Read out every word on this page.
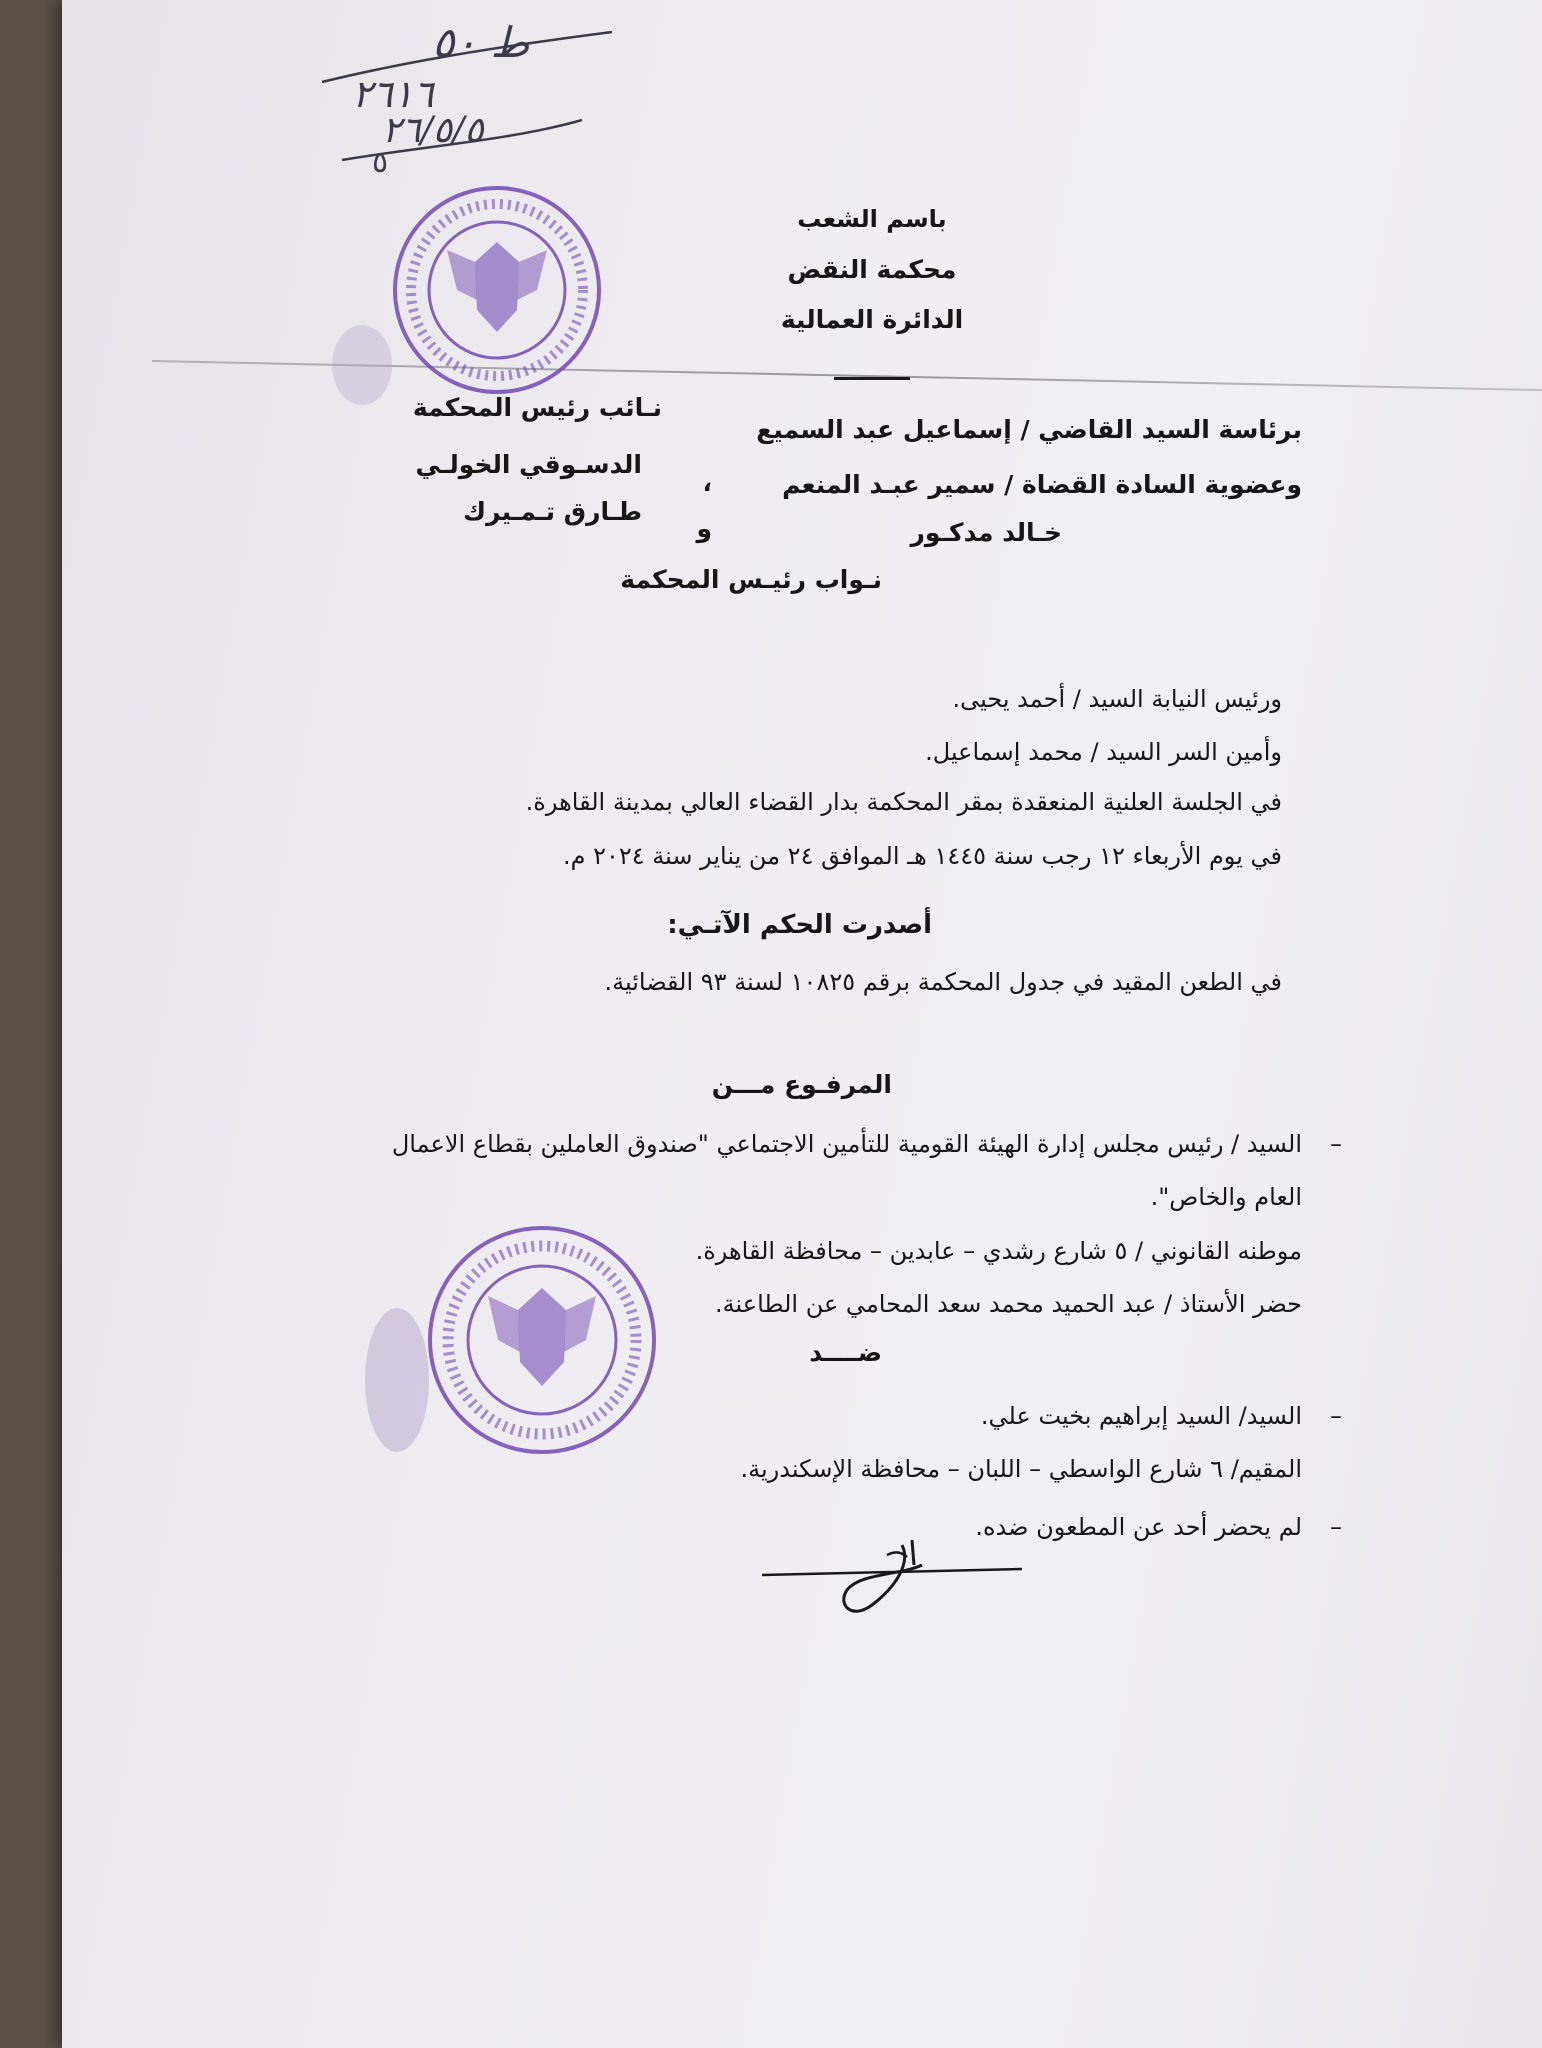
ط ٥٠
٢٦١٦
٢٦/٥/٥
٥
باسم الشعب
محكمة النقض
الدائرة العمالية
برئاسة السيد القاضي / إسماعيل عبد السميع
نـائب رئيس المحكمة
وعضوية السادة القضاة / سمير عبـد المنعم
،
الدسـوقي الخولـي
خـالد مدكـور
و
طـارق تـمـيرك
نـواب رئيـس المحكمة
ورئيس النيابة السيد / أحمد يحيى.
وأمين السر السيد / محمد إسماعيل.
في الجلسة العلنية المنعقدة بمقر المحكمة بدار القضاء العالي بمدينة القاهرة.
في يوم الأربعاء ١٢ رجب سنة ١٤٤٥ هـ الموافق ٢٤ من يناير سنة ٢٠٢٤ م.
أصدرت الحكم الآتـي:
في الطعن المقيد في جدول المحكمة برقم ١٠٨٢٥ لسنة ٩٣ القضائية.
المرفـوع مـــن
–
السيد / رئيس مجلس إدارة الهيئة القومية للتأمين الاجتماعي "صندوق العاملين بقطاع الاعمال
العام والخاص".
موطنه القانوني / ٥ شارع رشدي – عابدين – محافظة القاهرة.
حضر الأستاذ / عبد الحميد محمد سعد المحامي عن الطاعنة.
ضــــد
–
السيد/ السيد إبراهيم بخيت علي.
المقيم/ ٦ شارع الواسطي – اللبان – محافظة الإسكندرية.
–
لم يحضر أحد عن المطعون ضده.
